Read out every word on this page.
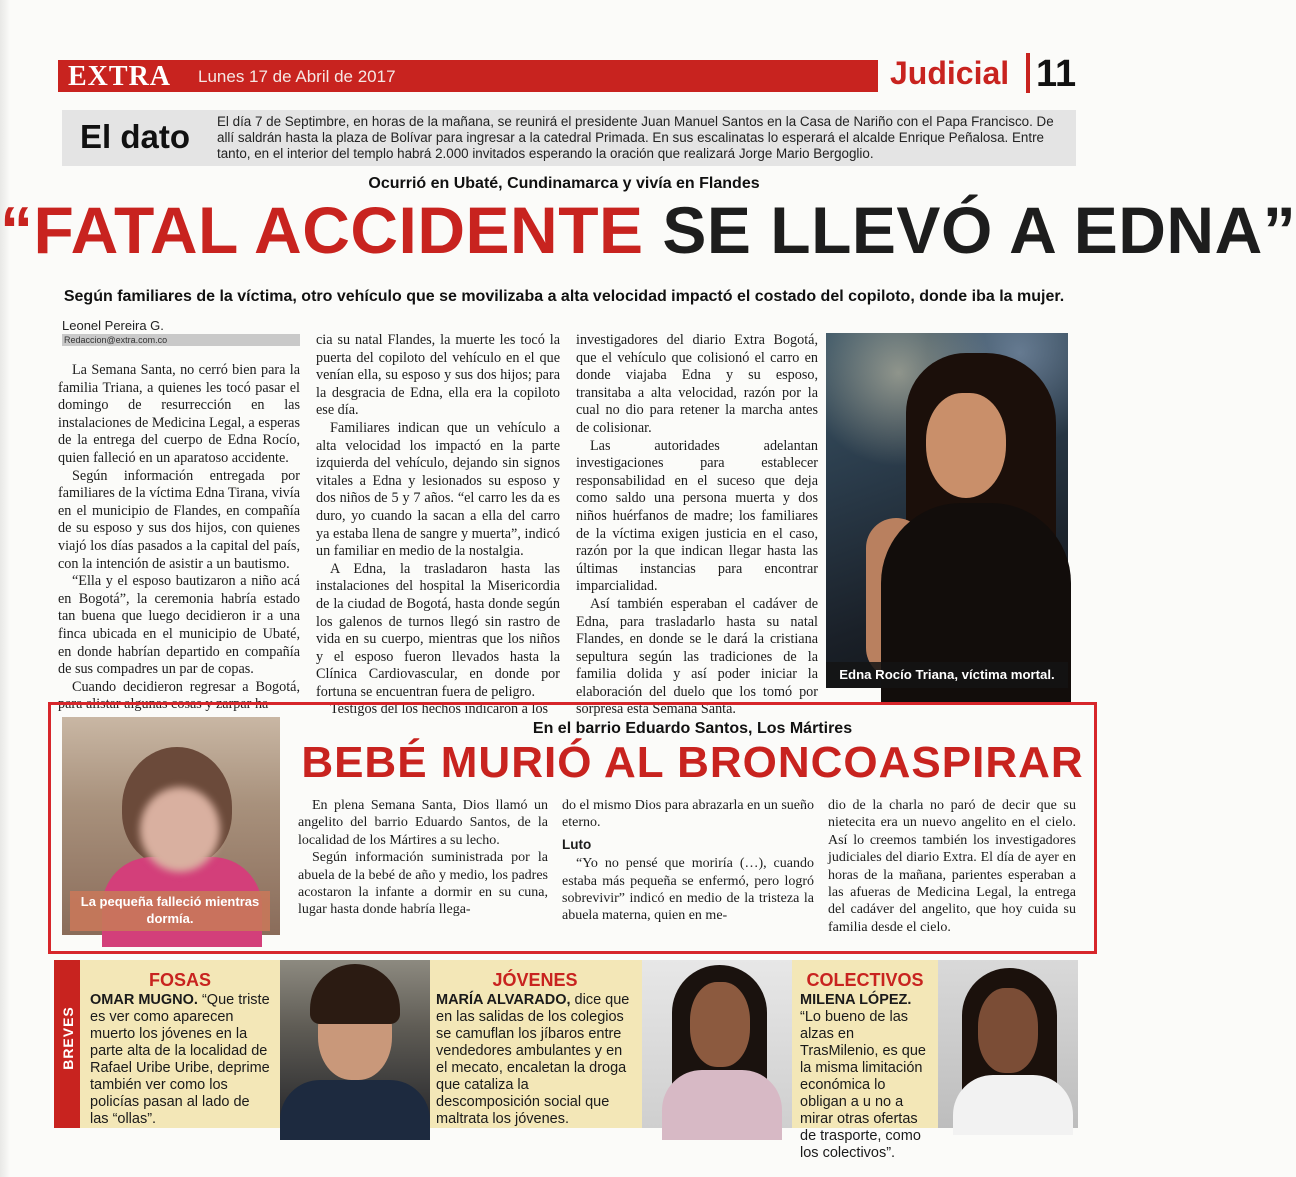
EXTRA Lunes 17 de Abril de 2017	Judicial 11
El dato El día 7 de Septimbre, en horas de la mañana, se reunirá el presidente Juan Manuel Santos en la Casa de Nariño con el Papa Francisco. De allí saldrán hasta la plaza de Bolívar para ingresar a la catedral Primada. En sus escalinatas lo esperará el alcalde Enrique Peñalosa. Entre tanto, en el interior del templo habrá 2.000 invitados esperando la oración que realizará Jorge Mario Bergoglio.
Ocurrió en Ubaté, Cundinamarca y vivía en Flandes
“FATAL ACCIDENTE SE LLEVÓ A EDNA”
Según familiares de la víctima, otro vehículo que se movilizaba a alta velocidad impactó el costado del copiloto, donde iba la mujer.
Leonel Pereira G.
Redaccion@extra.com.co

La Semana Santa, no cerró bien para la familia Triana, a quienes les tocó pasar el domingo de resurrección en las instalaciones de Medicina Legal, a esperas de la entrega del cuerpo de Edna Rocío, quien falleció en un aparatoso accidente.

Según información entregada por familiares de la víctima Edna Tirana, vivía en el municipio de Flandes, en compañía de su esposo y sus dos hijos, con quienes viajó los días pasados a la capital del país, con la intención de asistir a un bautismo.

“Ella y el esposo bautizaron a niño acá en Bogotá”, la ceremonia habría estado tan buena que luego decidieron ir a una finca ubicada en el municipio de Ubaté, en donde habrían departido en compañía de sus compadres un par de copas.

Cuando decidieron regresar a Bogotá, para alistar algunas cosas y zarpar ha-

cia su natal Flandes, la muerte les tocó la puerta del copiloto del vehículo en el que venían ella, su esposo y sus dos hijos; para la desgracia de Edna, ella era la copiloto ese día.

Familiares indican que un vehículo a alta velocidad los impactó en la parte izquierda del vehículo, dejando sin signos vitales a Edna y lesionados su esposo y dos niños de 5 y 7 años. “el carro les da es duro, yo cuando la sacan a ella del carro ya estaba llena de sangre y muerta”, indicó un familiar en medio de la nostalgia.

A Edna, la trasladaron hasta las instalaciones del hospital la Misericordia de la ciudad de Bogotá, hasta donde según los galenos de turnos llegó sin rastro de vida en su cuerpo, mientras que los niños y el esposo fueron llevados hasta la Clínica Cardiovascular, en donde por fortuna se encuentran fuera de peligro.

Testigos del los hechos indicaron a los

investigadores del diario Extra Bogotá, que el vehículo que colisionó el carro en donde viajaba Edna y su esposo, transitaba a alta velocidad, razón por la cual no dio para retener la marcha antes de colisionar.

Las autoridades adelantan investigaciones para establecer responsabilidad en el suceso que deja como saldo una persona muerta y dos niños huérfanos de madre; los familiares de la víctima exigen justicia en el caso, razón por la que indican llegar hasta las últimas instancias para encontrar imparcialidad.

Así también esperaban el cadáver de Edna, para trasladarlo hasta su natal Flandes, en donde se le dará la cristiana sepultura según las tradiciones de la familia dolida y así poder iniciar la elaboración del duelo que los tomó por sorpresa esta Semana Santa.

Edna Rocío Triana, víctima mortal.
La pequeña falleció mientras dormía.
En el barrio Eduardo Santos, Los Mártires
BEBÉ MURIÓ AL BRONCOASPIRAR

En plena Semana Santa, Dios llamó un angelito del barrio Eduardo Santos, de la localidad de los Mártires a su lecho.

Según información suministrada por la abuela de la bebé de año y medio, los padres acostaron la infante a dormir en su cuna, lugar hasta donde habría llega-

do el mismo Dios para abrazarla en un sueño eterno.

Luto

“Yo no pensé que moriría (…), cuando estaba más pequeña se enfermó, pero logró sobrevivir” indicó en medio de la tristeza la abuela materna, quien en me-

dio de la charla no paró de decir que su nietecita era un nuevo angelito en el cielo. Así lo creemos también los investigadores judiciales del diario Extra. El día de ayer en horas de la mañana, parientes esperaban a las afueras de Medicina Legal, la entrega del cadáver del angelito, que hoy cuida su familia desde el cielo.

BREVES
FOSAS
OMAR MUGNO. “Que triste es ver como aparecen muerto los jóvenes en la parte alta de la localidad de Rafael Uribe Uribe, deprime también ver como los policías pasan al lado de las “ollas”.
JÓVENES
MARÍA ALVARADO, dice que en las salidas de los colegios se camuflan los jíbaros entre vendedores ambulantes y en el mecato, encaletan la droga que cataliza la descomposición social que maltrata los jóvenes.
COLECTIVOS
MILENA LÓPEZ. “Lo bueno de las alzas en TrasMilenio, es que la misma limitación económica lo obligan a u no a mirar otras ofertas de trasporte, como los colectivos”.
